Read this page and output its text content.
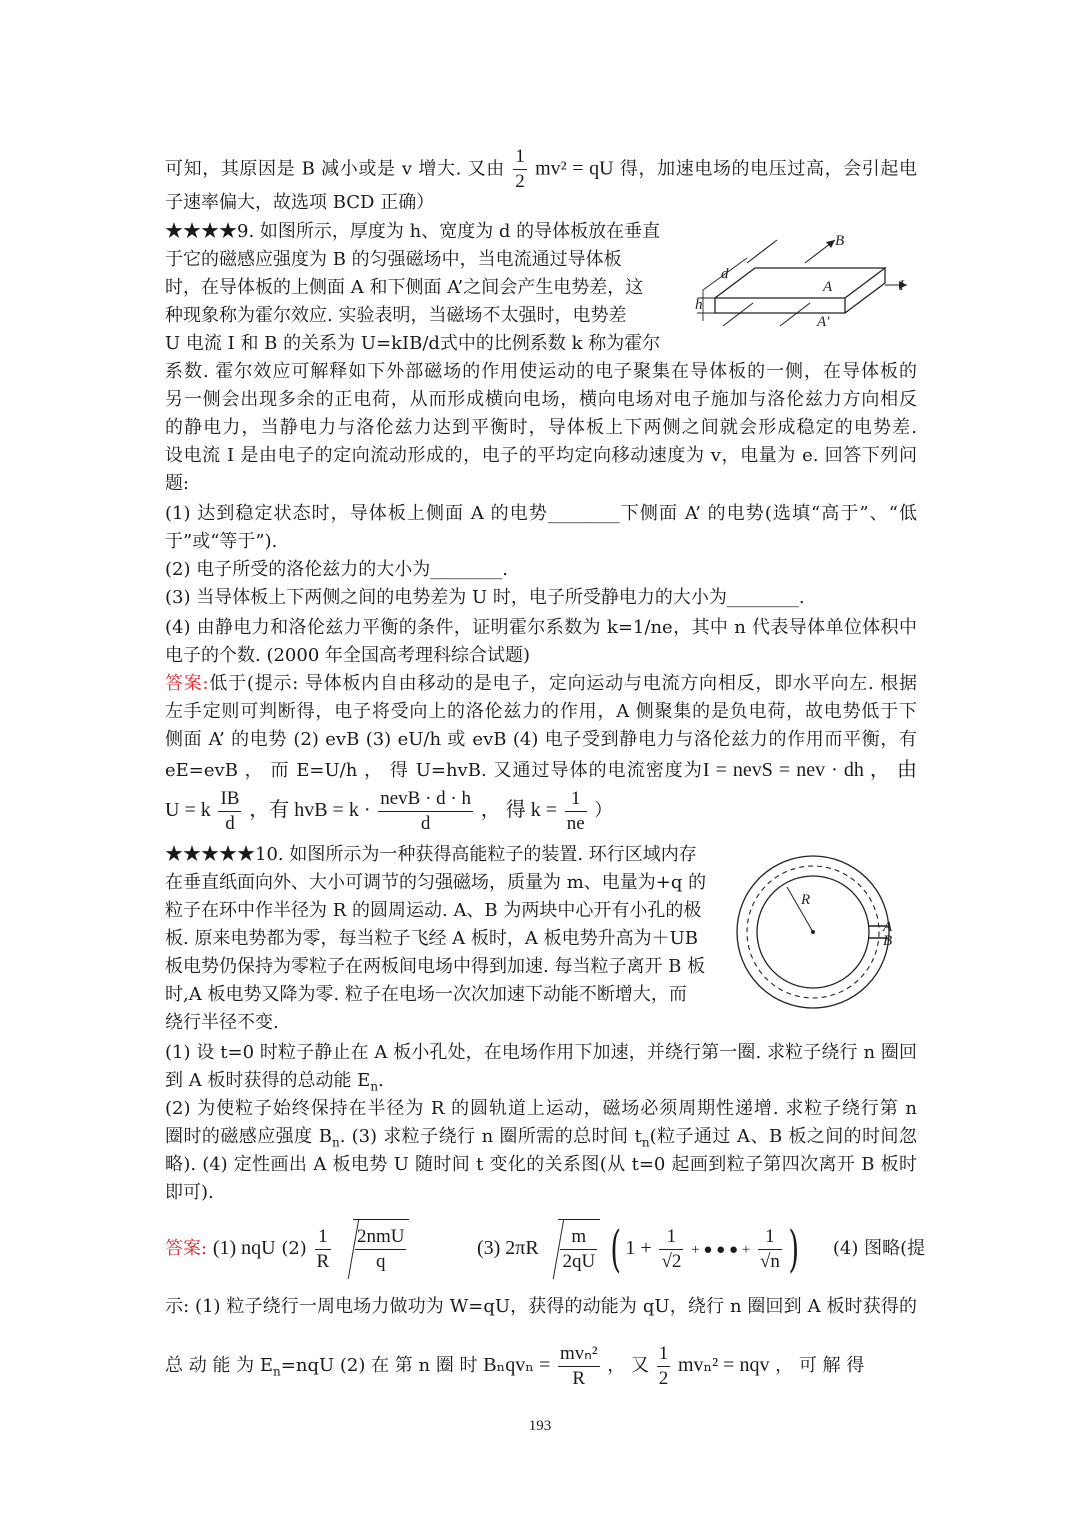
可知，其原因是 B 减小或是 v 增大. 又由 $\frac{1}{2} mv^2$ = qU 得，加速电场的电压过高，会引起电
子速率偏大，故选项 BCD 正确）
★★★★9. 如图所示，厚度为 h、宽度为 d 的导体板放在垂直
于它的磁感应强度为 B 的匀强磁场中，当电流通过导体板
时，在导体板的上侧面 A 和下侧面 A’之间会产生电势差，这
种现象称为霍尔效应. 实验表明，当磁场不太强时，电势差
U 电流 I 和 B 的关系为 U=kIB/d式中的比例系数 k 称为霍尔
B
d
h
A	I
A′
系数. 霍尔效应可解释如下外部磁场的作用使运动的电子聚集在导体板的一侧，在导体板的
另一侧会出现多余的正电荷，从而形成横向电场，横向电场对电子施加与洛伦兹力方向相反
的静电力，当静电力与洛伦兹力达到平衡时，导体板上下两侧之间就会形成稳定的电势差.
设电流 I 是由电子的定向流动形成的，电子的平均定向移动速度为 v，电量为 e. 回答下列问
题:
(1) 达到稳定状态时，导体板上侧面 A 的电势________下侧面 A’ 的电势(选填“高于”、“低
于”或“等于”).
(2) 电子所受的洛伦兹力的大小为________.
(3) 当导体板上下两侧之间的电势差为 U 时，电子所受静电力的大小为________.
(4) 由静电力和洛伦兹力平衡的条件，证明霍尔系数为 k=1/ne，其中 n 代表导体单位体积中
电子的个数. (2000 年全国高考理科综合试题)
答案:低于(提示: 导体板内自由移动的是电子，定向运动与电流方向相反，即水平向左. 根据
左手定则可判断得，电子将受向上的洛伦兹力的作用，A 侧聚集的是负电荷，故电势低于下
侧面 A’ 的电势 (2) evB (3) eU/h 或 evB (4) 电子受到静电力与洛伦兹力的作用而平衡，有
eE=evB ， 而 E=U/h ， 得 U=hvB. 又通过导体的电流密度为I = nevS = nev · dh ， 由
U = k $\frac{IB}{d}$ ，有 hvB = $k \cdot \frac{\text{nevB · d · h}}{d}$ ， 得 $k = \frac{1}{ne}$ ）
★★★★★10. 如图所示为一种获得高能粒子的装置. 环行区域内存
在垂直纸面向外、大小可调节的匀强磁场，质量为 m、电量为+q 的
粒子在环中作半径为 R 的圆周运动. A、B 为两块中心开有小孔的极
板. 原来电势都为零，每当粒子飞经 A 板时，A 板电势升高为＋UB
板电势仍保持为零粒子在两板间电场中得到加速. 每当粒子离开 B 板
时,A 板电势又降为零. 粒子在电场一次次加速下动能不断增大，而
绕行半径不变.
R
A
B
(1) 设 t=0 时粒子静止在 A 板小孔处，在电场作用下加速，并绕行第一圈. 求粒子绕行 n 圈回
到 A 板时获得的总动能 $E_n$.
(2) 为使粒子始终保持在半径为 R 的圆轨道上运动，磁场必须周期性递增. 求粒子绕行第 n
圈时的磁感应强度 $B_n$. (3) 求粒子绕行 n 圈所需的总时间 $t_n$(粒子通过 A、B 板之间的时间忽
略). (4) 定性画出 A 板电势 U 随时间 t 变化的关系图(从 t=0 起画到粒子第四次离开 B 板时
即可).
答案: (1) nqU $(2) \frac{1}{R}$
$\frac{\text{2nmU}}{q}$	(3) $2\pi R \frac{m}{2qU}$ ( $1 + \frac{1}{√2}$ + ● ● ● + $\frac{1}{√n}$ ) (4) 图略(提
示: (1) 粒子绕行一周电场力做功为 W=qU，获得的动能为 qU，绕行 n 圈回到 A 板时获得的
总 动 能 为 $E_n=nqU$ (2) 在 第 n 圈 时 $B_nqv_n = \frac{\text{mvₙ²}}{R}$ ， 又 $\frac{1}{2} mv_n^2$ = nqv ， 可 解 得
193
